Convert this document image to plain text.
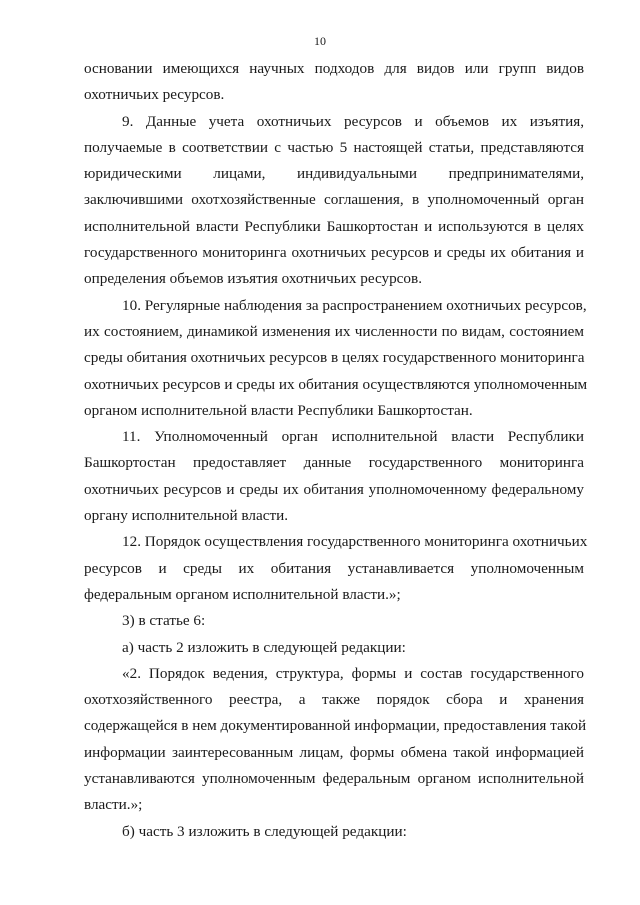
10
основании имеющихся научных подходов для видов или групп видов
охотничьих ресурсов.
9. Данные учета охотничьих ресурсов и объемов их изъятия,
получаемые в соответствии с частью 5 настоящей статьи, представляются
юридическими лицами, индивидуальными предпринимателями,
заключившими охотхозяйственные соглашения, в уполномоченный орган
исполнительной власти Республики Башкортостан и используются в целях
государственного мониторинга охотничьих ресурсов и среды их обитания и
определения объемов изъятия охотничьих ресурсов.
10. Регулярные наблюдения за распространением охотничьих ресурсов,
их состоянием, динамикой изменения их численности по видам, состоянием
среды обитания охотничьих ресурсов в целях государственного мониторинга
охотничьих ресурсов и среды их обитания осуществляются уполномоченным
органом исполнительной власти Республики Башкортостан.
11. Уполномоченный орган исполнительной власти Республики
Башкортостан предоставляет данные государственного мониторинга
охотничьих ресурсов и среды их обитания уполномоченному федеральному
органу исполнительной власти.
12. Порядок осуществления государственного мониторинга охотничьих
ресурсов и среды их обитания устанавливается уполномоченным
федеральным органом исполнительной власти.»;
3) в статье 6:
а) часть 2 изложить в следующей редакции:
«2. Порядок ведения, структура, формы и состав государственного
охотхозяйственного реестра, а также порядок сбора и хранения
содержащейся в нем документированной информации, предоставления такой
информации заинтересованным лицам, формы обмена такой информацией
устанавливаются уполномоченным федеральным органом исполнительной
власти.»;
б) часть 3 изложить в следующей редакции:
